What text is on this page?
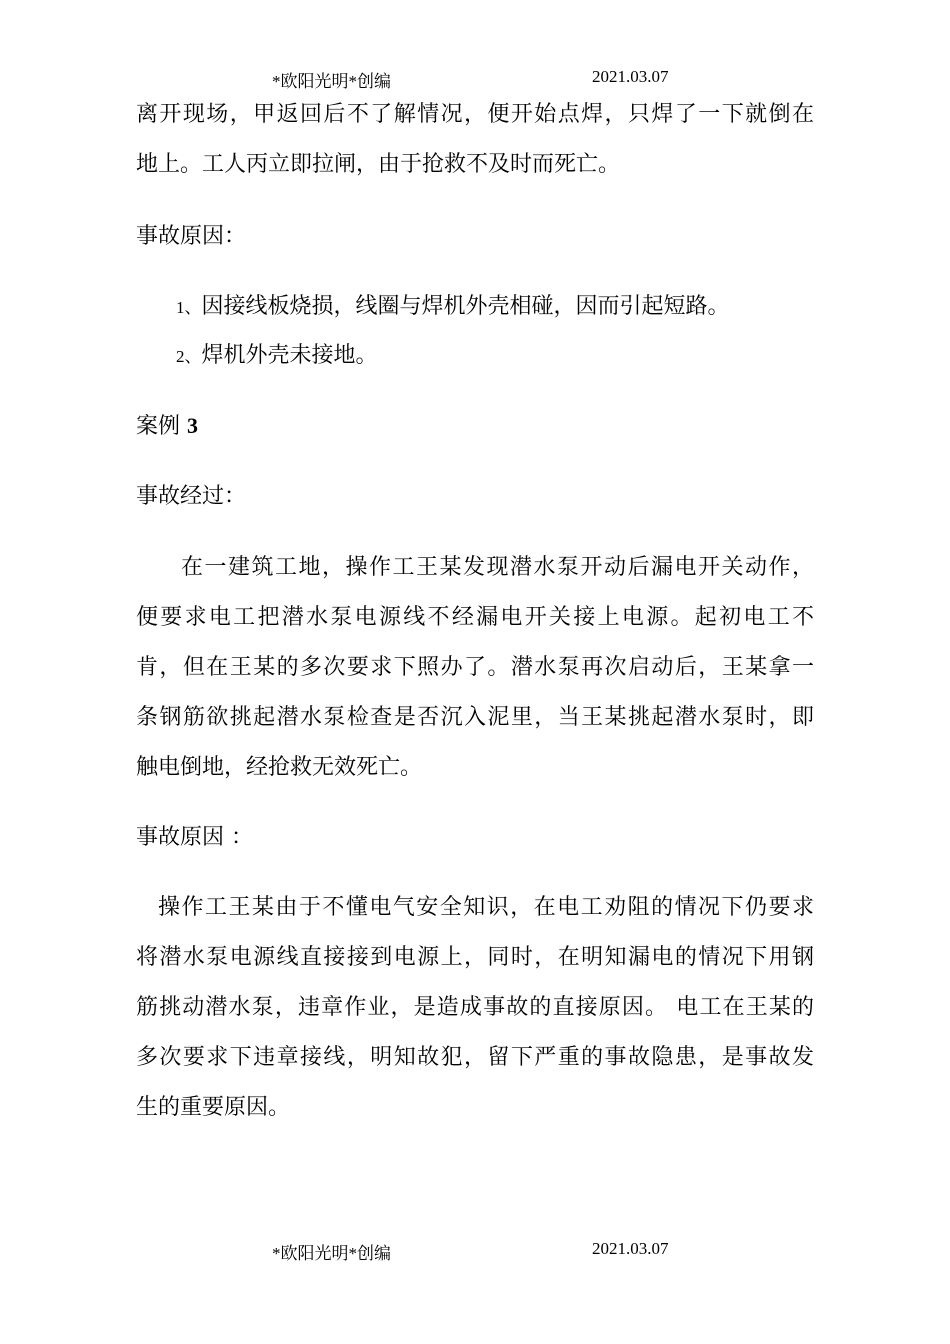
*欧阳光明*创编	2021.03.07
离开现场，甲返回后不了解情况，便开始点焊，只焊了一下就倒在
地上。工人丙立即拉闸，由于抢救不及时而死亡。
事故原因：
1、因接线板烧损，线圈与焊机外壳相碰，因而引起短路。
2、焊机外壳未接地。
案例 3
事故经过：
在一建筑工地，操作工王某发现潜水泵开动后漏电开关动作，
便要求电工把潜水泵电源线不经漏电开关接上电源。起初电工不
肯，但在王某的多次要求下照办了。潜水泵再次启动后，王某拿一
条钢筋欲挑起潜水泵检查是否沉入泥里，当王某挑起潜水泵时，即
触电倒地，经抢救无效死亡。
事故原因 ：
操作工王某由于不懂电气安全知识，在电工劝阻的情况下仍要求
将潜水泵电源线直接接到电源上，同时，在明知漏电的情况下用钢
筋挑动潜水泵，违章作业，是造成事故的直接原因。 电工在王某的
多次要求下违章接线，明知故犯，留下严重的事故隐患，是事故发
生的重要原因。
*欧阳光明*创编	2021.03.07
